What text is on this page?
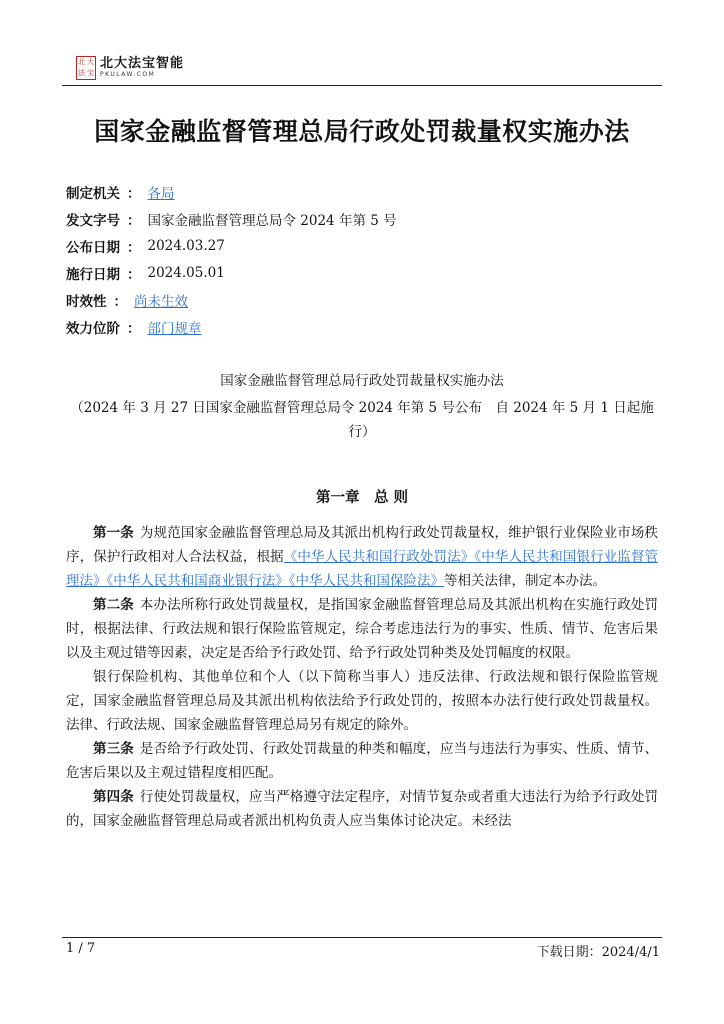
北 大
法 宝
北大法宝智能
PKULAW.COM
国家金融监督管理总局行政处罚裁量权实施办法
制定机关 ： 各局
发文字号 ： 国家金融监督管理总局令 2024 年第 5 号
公布日期 ： 2024.03.27
施行日期 ： 2024.05.01
时效性 ： 尚未生效
效力位阶 ： 部门规章
国家金融监督管理总局行政处罚裁量权实施办法
（2024 年 3 月 27 日国家金融监督管理总局令 2024 年第 5 号公布　自 2024 年 5 月 1 日起施行）
第一章　总 则

第一条 为规范国家金融监督管理总局及其派出机构行政处罚裁量权，维护银行业保险业市场秩序，保护行政相对人合法权益，根据《中华人民共和国行政处罚法》《中华人民共和国银行业监督管理法》《中华人民共和国商业银行法》《中华人民共和国保险法》等相关法律，制定本办法。

第二条 本办法所称行政处罚裁量权，是指国家金融监督管理总局及其派出机构在实施行政处罚时，根据法律、行政法规和银行保险监管规定，综合考虑违法行为的事实、性质、情节、危害后果以及主观过错等因素，决定是否给予行政处罚、给予行政处罚种类及处罚幅度的权限。

银行保险机构、其他单位和个人（以下简称当事人）违反法律、行政法规和银行保险监管规定，国家金融监督管理总局及其派出机构依法给予行政处罚的，按照本办法行使行政处罚裁量权。法律、行政法规、国家金融监督管理总局另有规定的除外。

第三条 是否给予行政处罚、行政处罚裁量的种类和幅度，应当与违法行为事实、性质、情节、危害后果以及主观过错程度相匹配。

第四条 行使处罚裁量权，应当严格遵守法定程序，对情节复杂或者重大违法行为给予行政处罚的，国家金融监督管理总局或者派出机构负责人应当集体讨论决定。未经法

1 / 7	下载日期：2024/4/1
